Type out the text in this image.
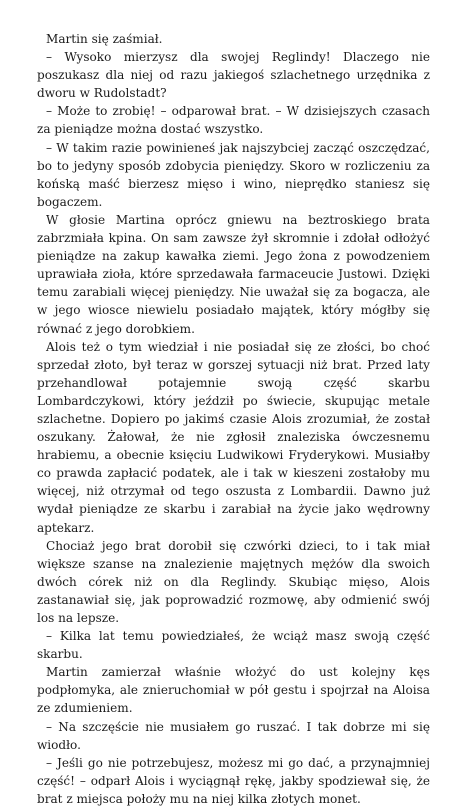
Martin się zaśmiał.

– Wysoko mierzysz dla swojej Reglindy! Dlaczego nie poszukasz dla niej od razu jakiegoś szlachetnego urzędnika z dworu w Rudolstadt?

– Może to zrobię! – odparował brat. – W dzisiejszych czasach za pieniądze można dostać wszystko.

– W takim razie powinieneś jak najszybciej zacząć oszczędzać, bo to jedyny sposób zdobycia pieniędzy. Skoro w rozliczeniu za końską maść bierzesz mięso i wino, nieprędko staniesz się bogaczem.

W głosie Martina oprócz gniewu na beztroskiego brata zabrzmiała kpina. On sam zawsze żył skromnie i zdołał odłożyć pieniądze na zakup kawałka ziemi. Jego żona z powodzeniem uprawiała zioła, które sprzedawała farmaceucie Justowi. Dzięki temu zarabiali więcej pieniędzy. Nie uważał się za bogacza, ale w jego wiosce niewielu posiadało majątek, który mógłby się równać z jego dorobkiem.

Alois też o tym wiedział i nie posiadał się ze złości, bo choć sprzedał złoto, był teraz w gorszej sytuacji niż brat. Przed laty przehandlował potajemnie swoją część skarbu Lombardczykowi, który jeździł po świecie, skupując metale szlachetne. Dopiero po jakimś czasie Alois zrozumiał, że został oszukany. Żałował, że nie zgłosił znaleziska ówczesnemu hrabiemu, a obecnie księciu Ludwikowi Fryderykowi. Musiałby co prawda zapłacić podatek, ale i tak w kieszeni zostałoby mu więcej, niż otrzymał od tego oszusta z Lombardii. Dawno już wydał pieniądze ze skarbu i zarabiał na życie jako wędrowny aptekarz.

Chociaż jego brat dorobił się czwórki dzieci, to i tak miał większe szanse na znalezienie majętnych mężów dla swoich dwóch córek niż on dla Reglindy. Skubiąc mięso, Alois zastanawiał się, jak poprowadzić rozmowę, aby odmienić swój los na lepsze.

– Kilka lat temu powiedziałeś, że wciąż masz swoją część skarbu.

Martin zamierzał właśnie włożyć do ust kolejny kęs podpłomyka, ale znieruchomiał w pół gestu i spojrzał na Aloisa ze zdumieniem.

– Na szczęście nie musiałem go ruszać. I tak dobrze mi się wiodło.

– Jeśli go nie potrzebujesz, możesz mi go dać, a przynajmniej część! – odparł Alois i wyciągnął rękę, jakby spodziewał się, że brat z miejsca położy mu na niej kilka złotych monet.
